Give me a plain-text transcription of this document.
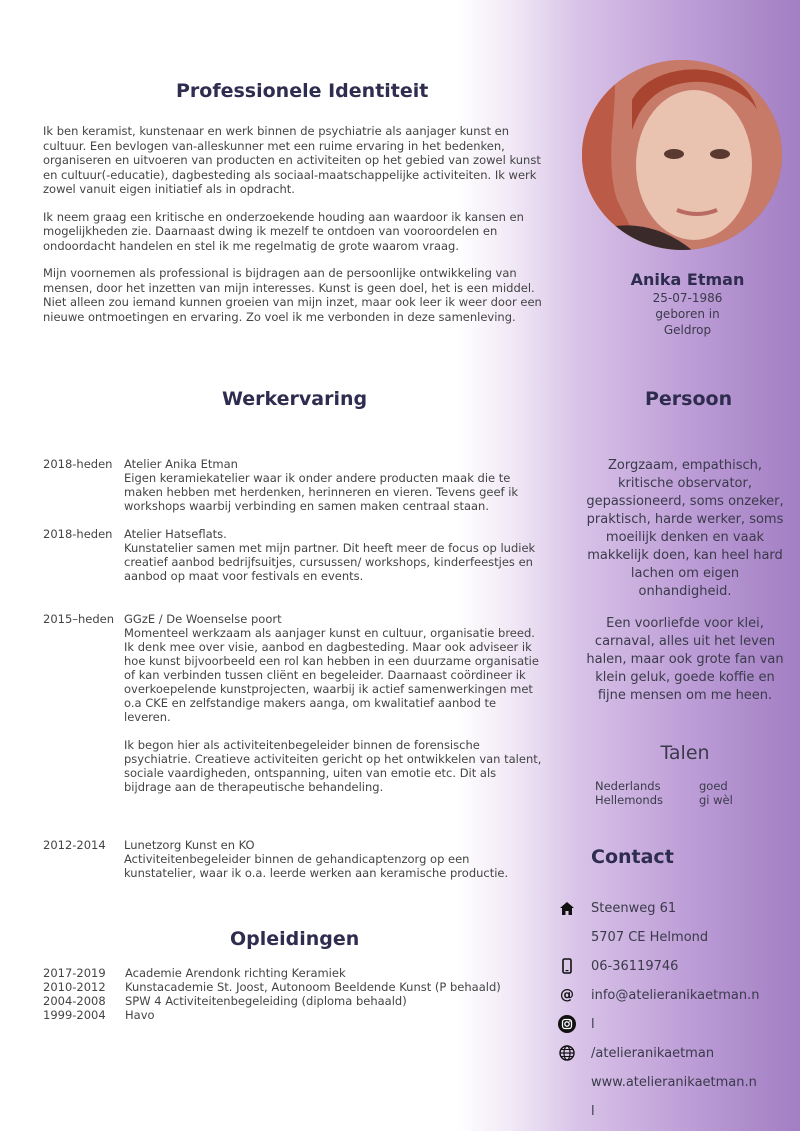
Professionele Identiteit

Ik ben keramist, kunstenaar en werk binnen de psychiatrie als aanjager kunst en cultuur. Een bevlogen van-alleskunner met een ruime ervaring in het bedenken, organiseren en uitvoeren van producten en activiteiten op het gebied van zowel kunst en cultuur(-educatie), dagbesteding als sociaal-maatschappelijke activiteiten. Ik werk zowel vanuit eigen initiatief als in opdracht.

Ik neem graag een kritische en onderzoekende houding aan waardoor ik kansen en mogelijkheden zie. Daarnaast dwing ik mezelf te ontdoen van vooroordelen en ondoordacht handelen en stel ik me regelmatig de grote waarom vraag.

Mijn voornemen als professional is bijdragen aan de persoonlijke ontwikkeling van mensen, door het inzetten van mijn interesses. Kunst is geen doel, het is een middel. Niet alleen zou iemand kunnen groeien van mijn inzet, maar ook leer ik weer door een nieuwe ontmoetingen en ervaring. Zo voel ik me verbonden in deze samenleving.

Anika Etman
25-07-1986
geboren in
Geldrop
Werkervaring
2018-heden	Atelier Anika Etman
Eigen keramiekatelier waar ik onder andere producten maak die te maken hebben met herdenken, herinneren en vieren. Tevens geef ik workshops waarbij verbinding en samen maken centraal staan.
2018-heden	Atelier Hatseflats.
Kunstatelier samen met mijn partner. Dit heeft meer de focus op ludiek creatief aanbod bedrijfsuitjes, cursussen/ workshops, kinderfeestjes en aanbod op maat voor festivals en events.
2015–heden GGzE / De Woenselse poort
Momenteel werkzaam als aanjager kunst en cultuur, organisatie breed. Ik denk mee over visie, aanbod en dagbesteding. Maar ook adviseer ik hoe kunst bijvoorbeeld een rol kan hebben in een duurzame organisatie of kan verbinden tussen cliënt en begeleider. Daarnaast coördineer ik overkoepelende kunstprojecten, waarbij ik actief samenwerkingen met o.a CKE en zelfstandige makers aanga, om kwalitatief aanbod te leveren.
Ik begon hier als activiteitenbegeleider binnen de forensische psychiatrie. Creatieve activiteiten gericht op het ontwikkelen van talent, sociale vaardigheden, ontspanning, uiten van emotie etc. Dit als bijdrage aan de therapeutische behandeling.
2012-2014	Lunetzorg Kunst en KO
Activiteitenbegeleider binnen de gehandicaptenzorg op een kunstatelier, waar ik o.a. leerde werken aan keramische productie.
Opleidingen
2017-2019	Academie Arendonk richting Keramiek
2010-2012	Kunstacademie St. Joost, Autonoom Beeldende Kunst (P behaald)
2004-2008	SPW 4 Activiteitenbegeleiding (diploma behaald)
1999-2004	Havo
Persoon

Zorgzaam, empathisch, kritische observator, gepassioneerd, soms onzeker, praktisch, harde werker, soms moeilijk denken en vaak makkelijk doen, kan heel hard lachen om eigen onhandigheid.

Een voorliefde voor klei, carnaval, alles uit het leven halen, maar ook grote fan van klein geluk, goede koffie en fijne mensen om me heen.

Talen
Nederlands	goed
Hellemonds	gi wèl
Contact
Steenweg 61
5707 CE Helmond
06-36119746
@	info@atelieranikaetman.n
l
/atelieranikaetman
www.atelieranikaetman.n
l
